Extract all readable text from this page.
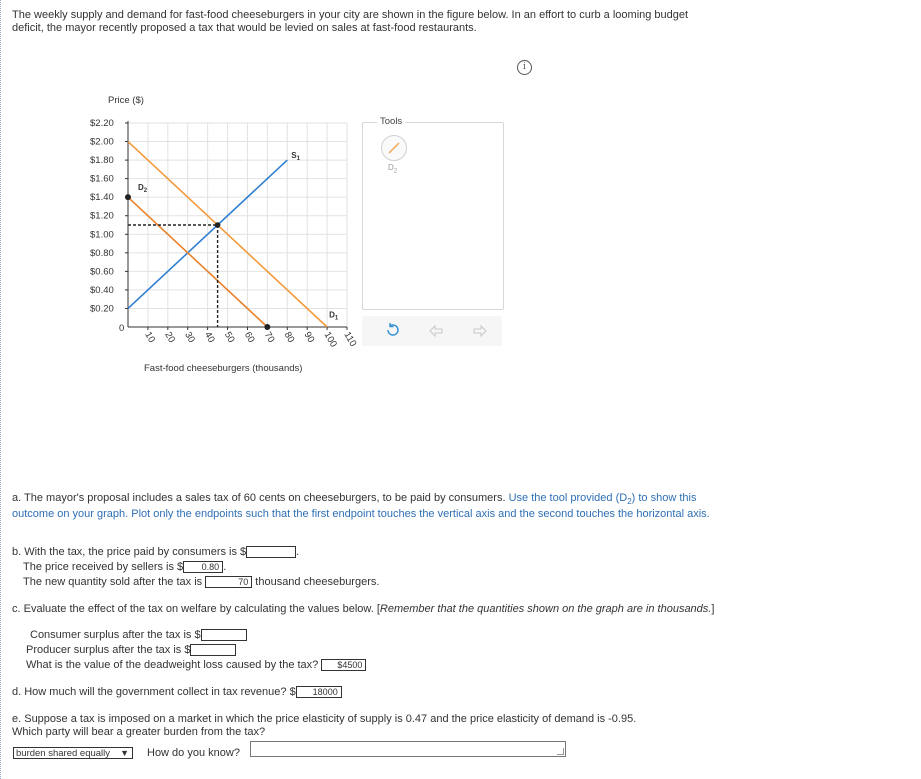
The weekly supply and demand for fast-food cheeseburgers in your city are shown in the figure below. In an effort to curb a looming budget deficit, the mayor recently proposed a tax that would be levied on sales at fast-food restaurants.
i
Price ($)
$2.20
$2.00
$1.80
$1.60
$1.40
$1.20
$1.00
$0.80
$0.60
$0.40
$0.20
0
10 20 30 40 50 60 70 80 90 100 110
Fast-food cheeseburgers (thousands)
$S_1$
$D_1$
$D_2$
Tools
$D_2$
a. The mayor's proposal includes a sales tax of 60 cents on cheeseburgers, to be paid by consumers. Use the tool provided $(D_2)$ to show this outcome on your graph. Plot only the endpoints such that the first endpoint touches the vertical axis and the second touches the horizontal axis.
b. With the tax, the price paid by consumers is $	.
The price received by sellers is $ 0.80 .
The new quantity sold after the tax is	70 thousand cheeseburgers.
c. Evaluate the effect of the tax on welfare by calculating the values below. [Remember that the quantities shown on the graph are in thousands.]
Consumer surplus after the tax is $
Producer surplus after the tax is $
What is the value of the deadweight loss caused by the tax? $4500
d. How much will the government collect in tax revenue? $ 18000
e. Suppose a tax is imposed on a market in which the price elasticity of supply is 0.47 and the price elasticity of demand is -0.95.
Which party will bear a greater burden from the tax?
burden shared equally ▼ How do you know?
